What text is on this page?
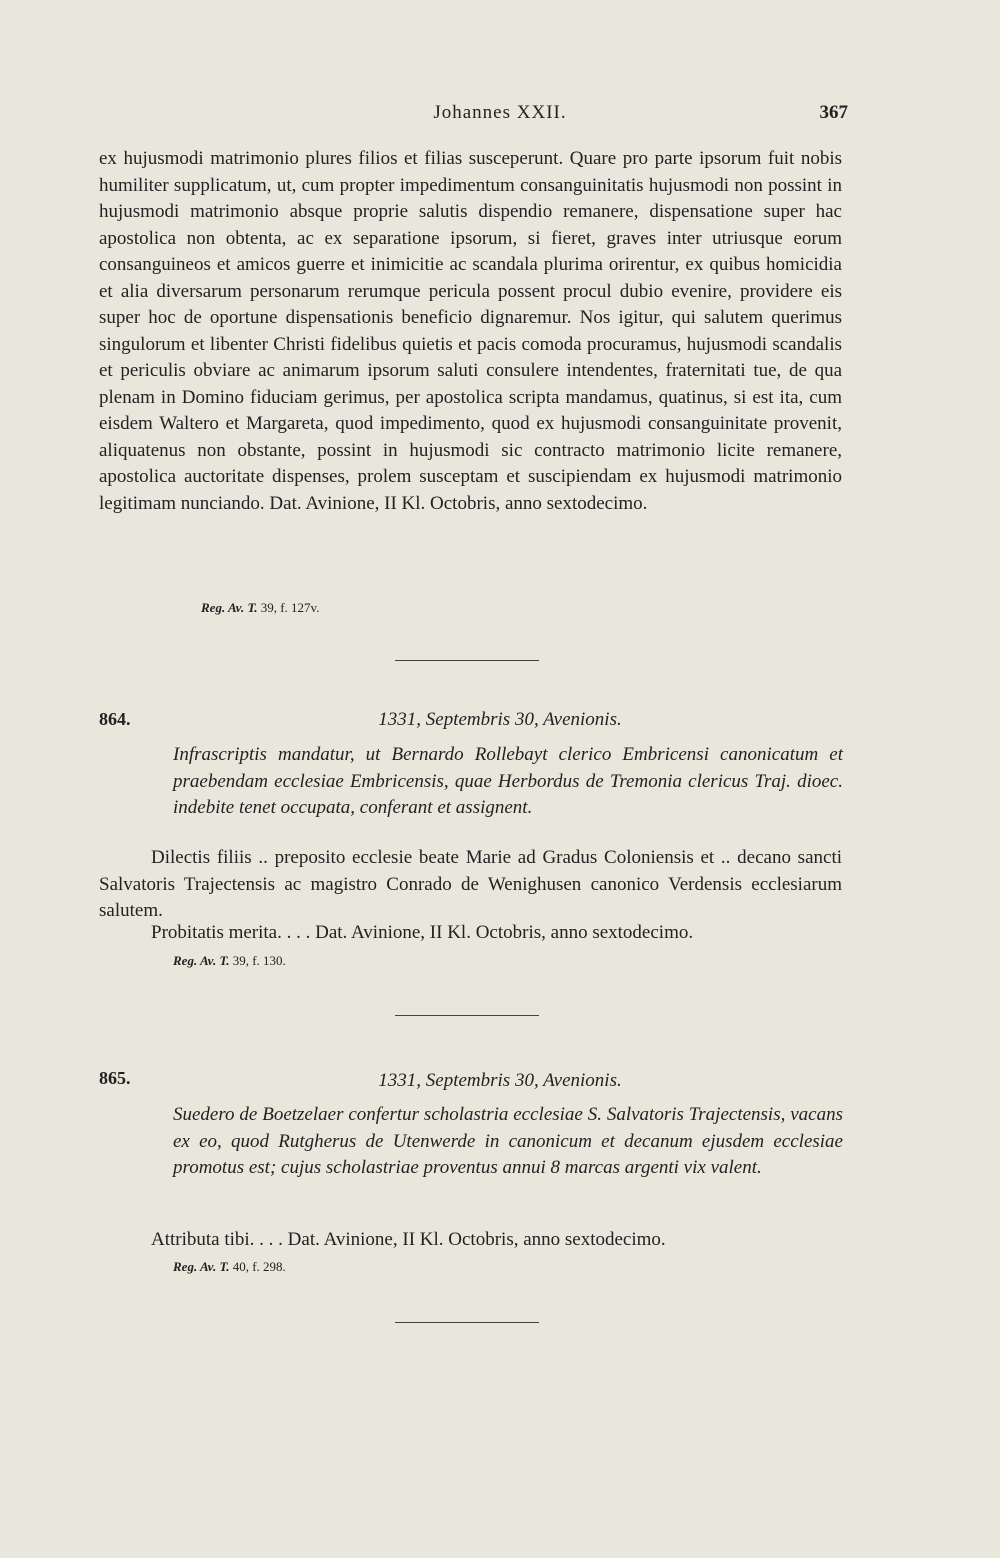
Johannes XXII.	367
ex hujusmodi matrimonio plures filios et filias susceperunt. Quare pro parte ipsorum fuit nobis humiliter supplicatum, ut, cum propter impedimentum consanguinitatis hujusmodi non possint in hujusmodi matrimonio absque proprie salutis dispendio remanere, dispensatione super hac apostolica non obtenta, ac ex separatione ipsorum, si fieret, graves inter utriusque eorum consanguineos et amicos guerre et inimicitie ac scandala plurima orirentur, ex quibus homicidia et alia diversarum personarum rerumque pericula possent procul dubio evenire, providere eis super hoc de oportune dispensationis beneficio dignaremur. Nos igitur, qui salutem querimus singulorum et libenter Christi fidelibus quietis et pacis comoda procuramus, hujusmodi scandalis et periculis obviare ac animarum ipsorum saluti consulere intendentes, fraternitati tue, de qua plenam in Domino fiduciam gerimus, per apostolica scripta mandamus, quatinus, si est ita, cum eisdem Waltero et Margareta, quod impedimento, quod ex hujusmodi consanguinitate provenit, aliquatenus non obstante, possint in hujusmodi sic contracto matrimonio licite remanere, apostolica auctoritate dispenses, prolem susceptam et suscipiendam ex hujusmodi matrimonio legitimam nunciando. Dat. Avinione, II Kl. Octobris, anno sextodecimo.
Reg. Av. T. 39, f. 127v.
864.	1331, Septembris 30, Avenionis.
Infrascriptis mandatur, ut Bernardo Rollebayt clerico Embricensi canonicatum et praebendam ecclesiae Embricensis, quae Herbordus de Tremonia clericus Traj. dioec. indebite tenet occupata, conferant et assignent.
Dilectis filiis .. preposito ecclesie beate Marie ad Gradus Coloniensis et .. decano sancti Salvatoris Trajectensis ac magistro Conrado de Wenighusen canonico Verdensis ecclesiarum salutem.
Probitatis merita. . . . Dat. Avinione, II Kl. Octobris, anno sextodecimo.
Reg. Av. T. 39, f. 130.
865.	1331, Septembris 30, Avenionis.
Suedero de Boetzelaer confertur scholastria ecclesiae S. Salvatoris Trajectensis, vacans ex eo, quod Rutgherus de Utenwerde in canonicum et decanum ejusdem ecclesiae promotus est; cujus scholastriae proventus annui 8 marcas argenti vix valent.
Attributa tibi. . . . Dat. Avinione, II Kl. Octobris, anno sextodecimo.
Reg. Av. T. 40, f. 298.
